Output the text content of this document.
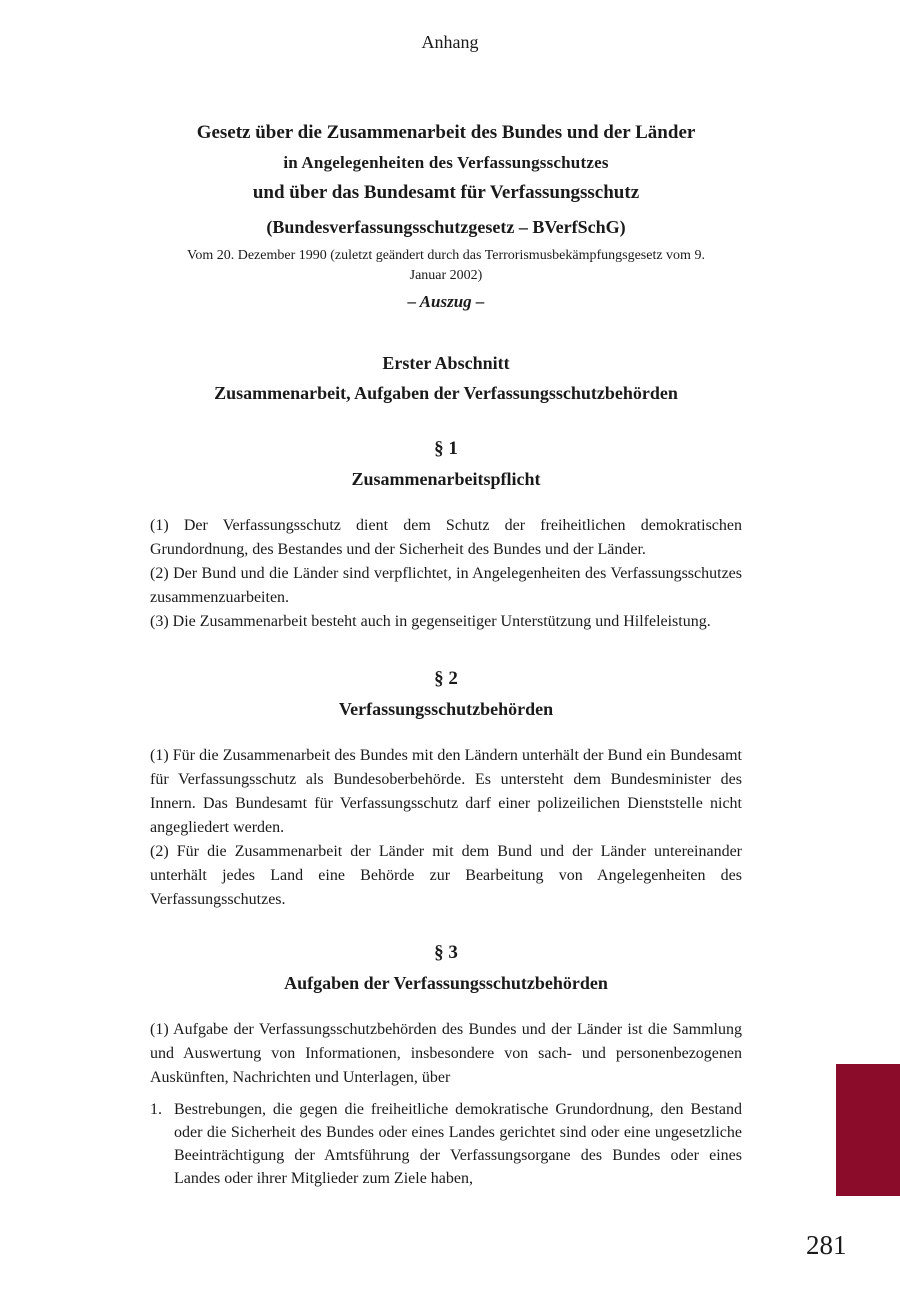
Anhang
Gesetz über die Zusammenarbeit des Bundes und der Länder
in Angelegenheiten des Verfassungsschutzes
und über das Bundesamt für Verfassungsschutz
(Bundesverfassungsschutzgesetz – BVerfSchG)
Vom 20. Dezember 1990 (zuletzt geändert durch das Terrorismusbekämpfungsgesetz vom 9. Januar 2002)
– Auszug –
Erster Abschnitt
Zusammenarbeit, Aufgaben der Verfassungsschutzbehörden
§ 1
Zusammenarbeitspflicht

(1) Der Verfassungsschutz dient dem Schutz der freiheitlichen demokratischen Grundordnung, des Bestandes und der Sicherheit des Bundes und der Länder.

(2) Der Bund und die Länder sind verpflichtet, in Angelegenheiten des Verfassungsschutzes zusammenzuarbeiten.

(3) Die Zusammenarbeit besteht auch in gegenseitiger Unterstützung und Hilfeleistung.

§ 2
Verfassungsschutzbehörden

(1) Für die Zusammenarbeit des Bundes mit den Ländern unterhält der Bund ein Bundesamt für Verfassungsschutz als Bundesoberbehörde. Es untersteht dem Bundesminister des Innern. Das Bundesamt für Verfassungsschutz darf einer polizeilichen Dienststelle nicht angegliedert werden.

(2) Für die Zusammenarbeit der Länder mit dem Bund und der Länder untereinander unterhält jedes Land eine Behörde zur Bearbeitung von Angelegenheiten des Verfassungsschutzes.

§ 3
Aufgaben der Verfassungsschutzbehörden

(1) Aufgabe der Verfassungsschutzbehörden des Bundes und der Länder ist die Sammlung und Auswertung von Informationen, insbesondere von sach- und personenbezogenen Auskünften, Nachrichten und Unterlagen, über

1. Bestrebungen, die gegen die freiheitliche demokratische Grundordnung, den Bestand oder die Sicherheit des Bundes oder eines Landes gerichtet sind oder eine ungesetzliche Beeinträchtigung der Amtsführung der Verfassungsorgane des Bundes oder eines Landes oder ihrer Mitglieder zum Ziele haben,
281
